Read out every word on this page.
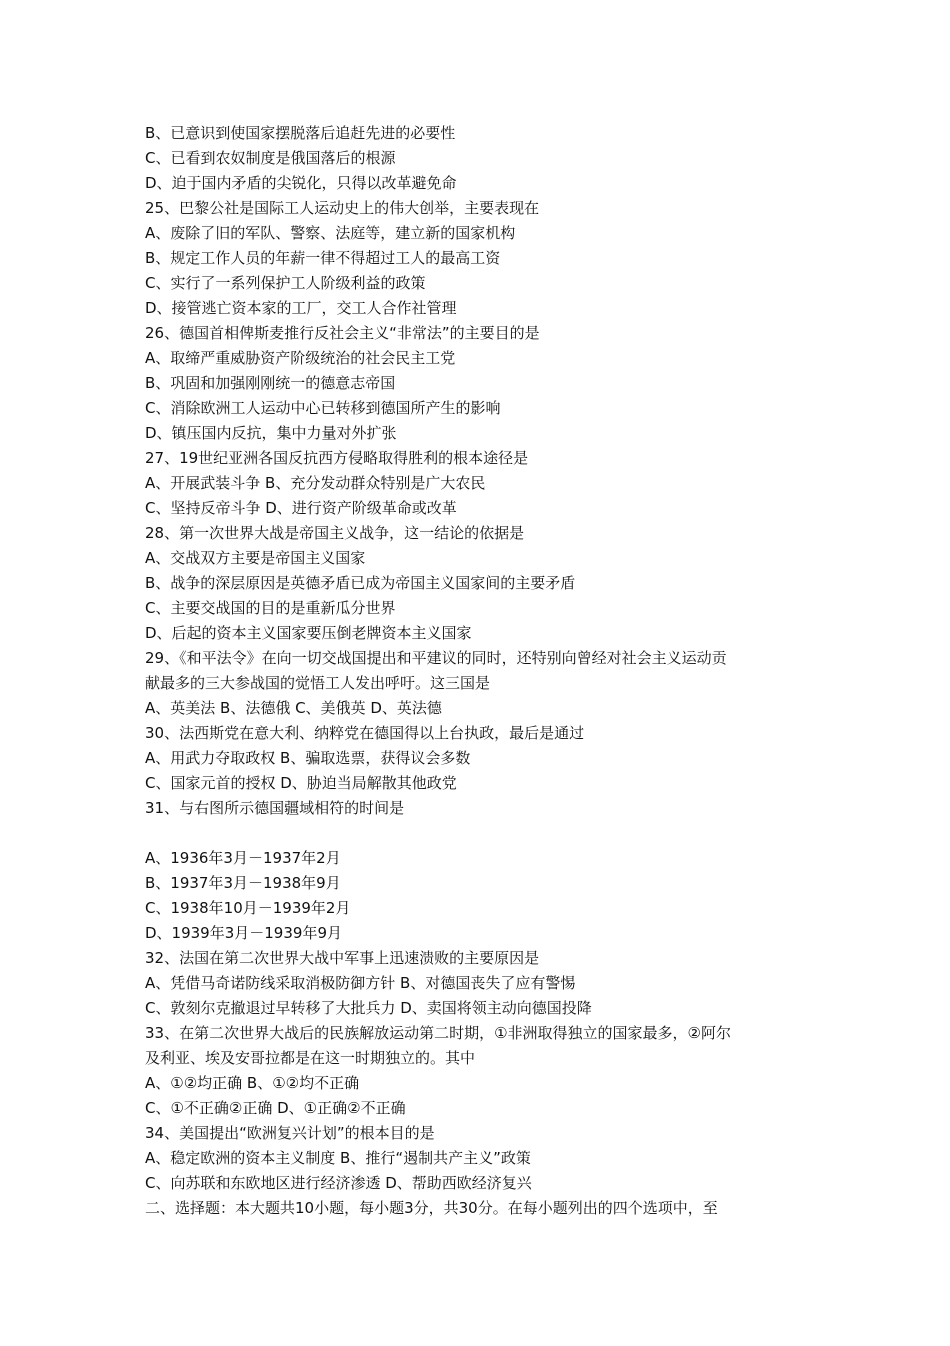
B、已意识到使国家摆脱落后追赶先进的必要性
C、已看到农奴制度是俄国落后的根源
D、迫于国内矛盾的尖锐化，只得以改革避免命
25、巴黎公社是国际工人运动史上的伟大创举，主要表现在
A、废除了旧的军队、警察、法庭等，建立新的国家机构
B、规定工作人员的年薪一律不得超过工人的最高工资
C、实行了一系列保护工人阶级利益的政策
D、接管逃亡资本家的工厂，交工人合作社管理
26、德国首相俾斯麦推行反社会主义“非常法”的主要目的是
A、取缔严重威胁资产阶级统治的社会民主工党
B、巩固和加强刚刚统一的德意志帝国
C、消除欧洲工人运动中心已转移到德国所产生的影响
D、镇压国内反抗，集中力量对外扩张
27、19世纪亚洲各国反抗西方侵略取得胜利的根本途径是
A、开展武装斗争 B、充分发动群众特别是广大农民
C、坚持反帝斗争 D、进行资产阶级革命或改革
28、第一次世界大战是帝国主义战争，这一结论的依据是
A、交战双方主要是帝国主义国家
B、战争的深层原因是英德矛盾已成为帝国主义国家间的主要矛盾
C、主要交战国的目的是重新瓜分世界
D、后起的资本主义国家要压倒老牌资本主义国家
29、《和平法令》在向一切交战国提出和平建议的同时，还特别向曾经对社会主义运动贡
献最多的三大参战国的觉悟工人发出呼吁。这三国是
A、英美法 B、法德俄 C、美俄英 D、英法德
30、法西斯党在意大利、纳粹党在德国得以上台执政，最后是通过
A、用武力夺取政权 B、骗取选票，获得议会多数
C、国家元首的授权 D、胁迫当局解散其他政党
31、与右图所示德国疆域相符的时间是
A、1936年3月－1937年2月
B、1937年3月－1938年9月
C、1938年10月－1939年2月
D、1939年3月－1939年9月
32、法国在第二次世界大战中军事上迅速溃败的主要原因是
A、凭借马奇诺防线采取消极防御方针 B、对德国丧失了应有警惕
C、敦刻尔克撤退过早转移了大批兵力 D、卖国将领主动向德国投降
33、在第二次世界大战后的民族解放运动第二时期，①非洲取得独立的国家最多，②阿尔
及利亚、埃及安哥拉都是在这一时期独立的。其中
A、①②均正确 B、①②均不正确
C、①不正确②正确 D、①正确②不正确
34、美国提出“欧洲复兴计划”的根本目的是
A、稳定欧洲的资本主义制度 B、推行“遏制共产主义”政策
C、向苏联和东欧地区进行经济渗透 D、帮助西欧经济复兴
二、选择题：本大题共10小题，每小题3分，共30分。在每小题列出的四个选项中，至
